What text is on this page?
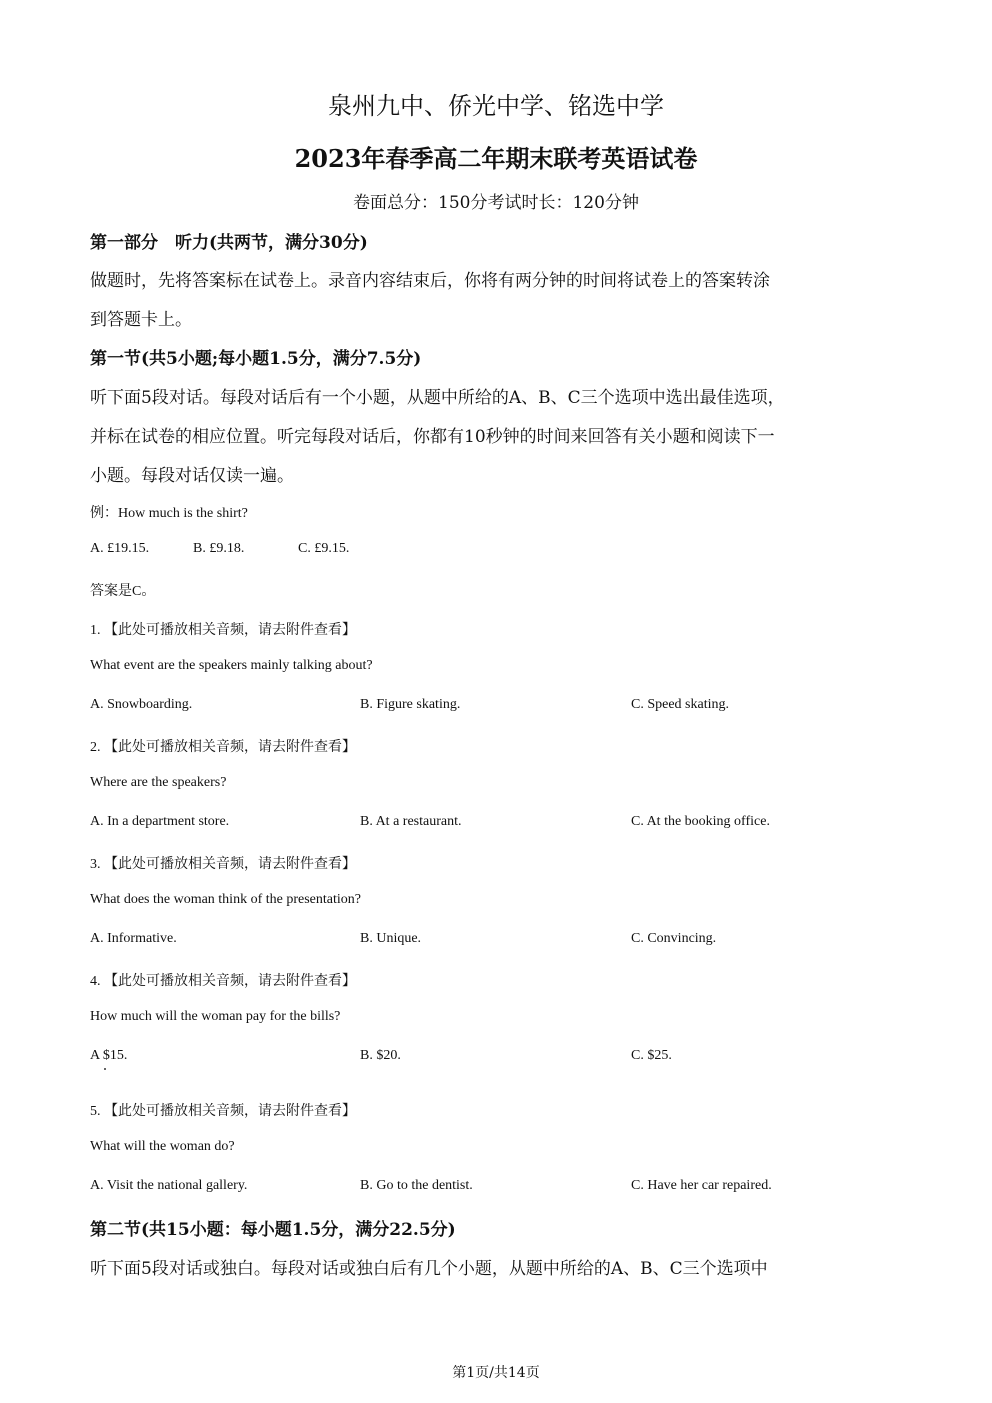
泉州九中、侨光中学、铭选中学
2023年春季高二年期末联考英语试卷
卷面总分：150分考试时长：120分钟
第一部分　听力(共两节，满分30分)
做题时，先将答案标在试卷上。录音内容结束后，你将有两分钟的时间将试卷上的答案转涂
到答题卡上。
第一节(共5小题;每小题1.5分，满分7.5分)
听下面5段对话。每段对话后有一个小题，从题中所给的A、B、C三个选项中选出最佳选项，
并标在试卷的相应位置。听完每段对话后，你都有10秒钟的时间来回答有关小题和阅读下一
小题。每段对话仅读一遍。
例：How much is the shirt?
A. £19.15.	B. £9.18.	C. £9.15.
答案是C。
1. 【此处可播放相关音频，请去附件查看】
What event are the speakers mainly talking about?
A. Snowboarding.	B. Figure skating.	C. Speed skating.
2. 【此处可播放相关音频，请去附件查看】
Where are the speakers?
A. In a department store.	B. At a restaurant.	C. At the booking office.
3. 【此处可播放相关音频，请去附件查看】
What does the woman think of the presentation?
A. Informative.	B. Unique.	C. Convincing.
4. 【此处可播放相关音频，请去附件查看】
How much will the woman pay for the bills?
A $15.	B. $20.	C. $25.
5. 【此处可播放相关音频，请去附件查看】
What will the woman do?
A. Visit the national gallery.	B. Go to the dentist.	C. Have her car repaired.
第二节(共15小题：每小题1.5分，满分22.5分)
听下面5段对话或独白。每段对话或独白后有几个小题，从题中所给的A、B、C三个选项中
第1页/共14页
